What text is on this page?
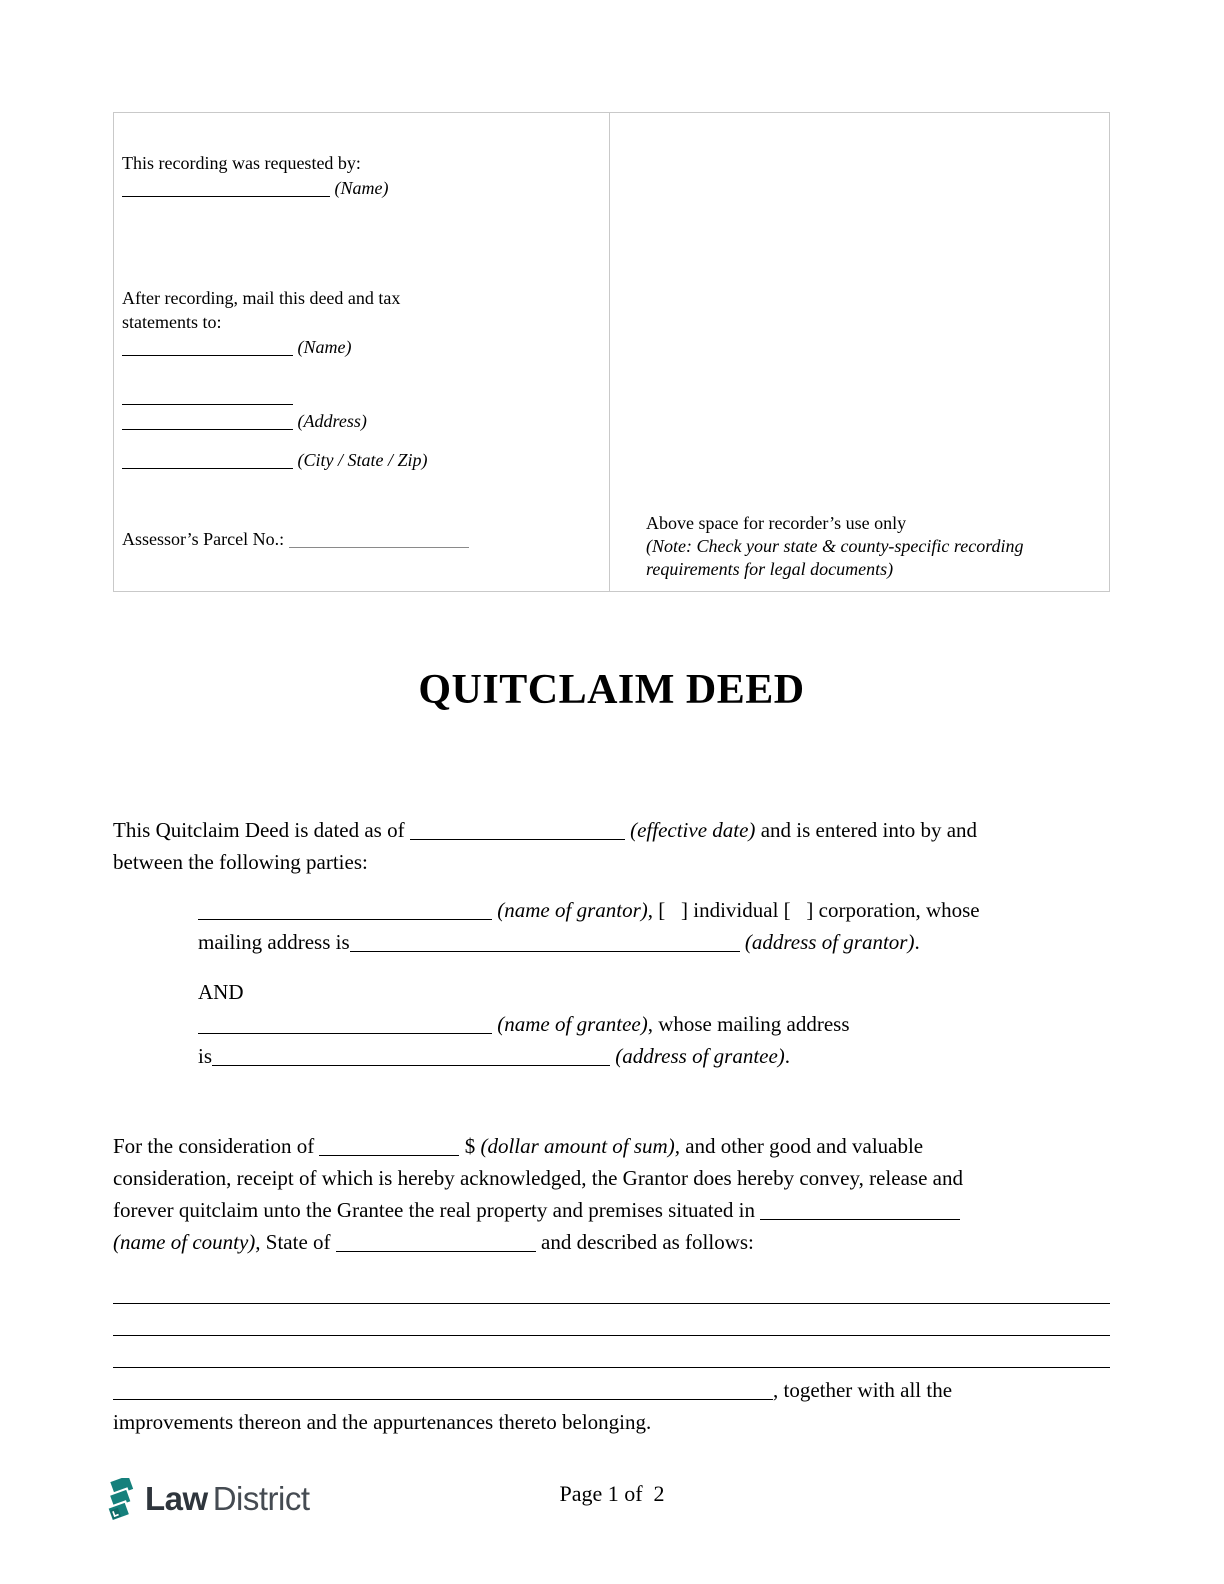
This recording was requested by:
(Name)
After recording, mail this deed and tax
statements to:
(Name)
(Address)
(City / State / Zip)
Assessor’s Parcel No.:
Above space for recorder’s use only
(Note: Check your state & county-specific recording
requirements for legal documents)
QUITCLAIM DEED
This Quitclaim Deed is dated as of	(effective date) and is entered into by and
between the following parties:
(name of grantor), [   ] individual [   ] corporation, whose
mailing address is	(address of grantor).
AND
(name of grantee), whose mailing address
is	(address of grantee).
For the consideration of	$ (dollar amount of sum), and other good and valuable
consideration, receipt of which is hereby acknowledged, the Grantor does hereby convey, release and
forever quitclaim unto the Grantee the real property and premises situated in
(name of county), State of	and described as follows:
, together with all the
improvements thereon and the appurtenances thereto belonging.
Law District	Page 1 of  2
